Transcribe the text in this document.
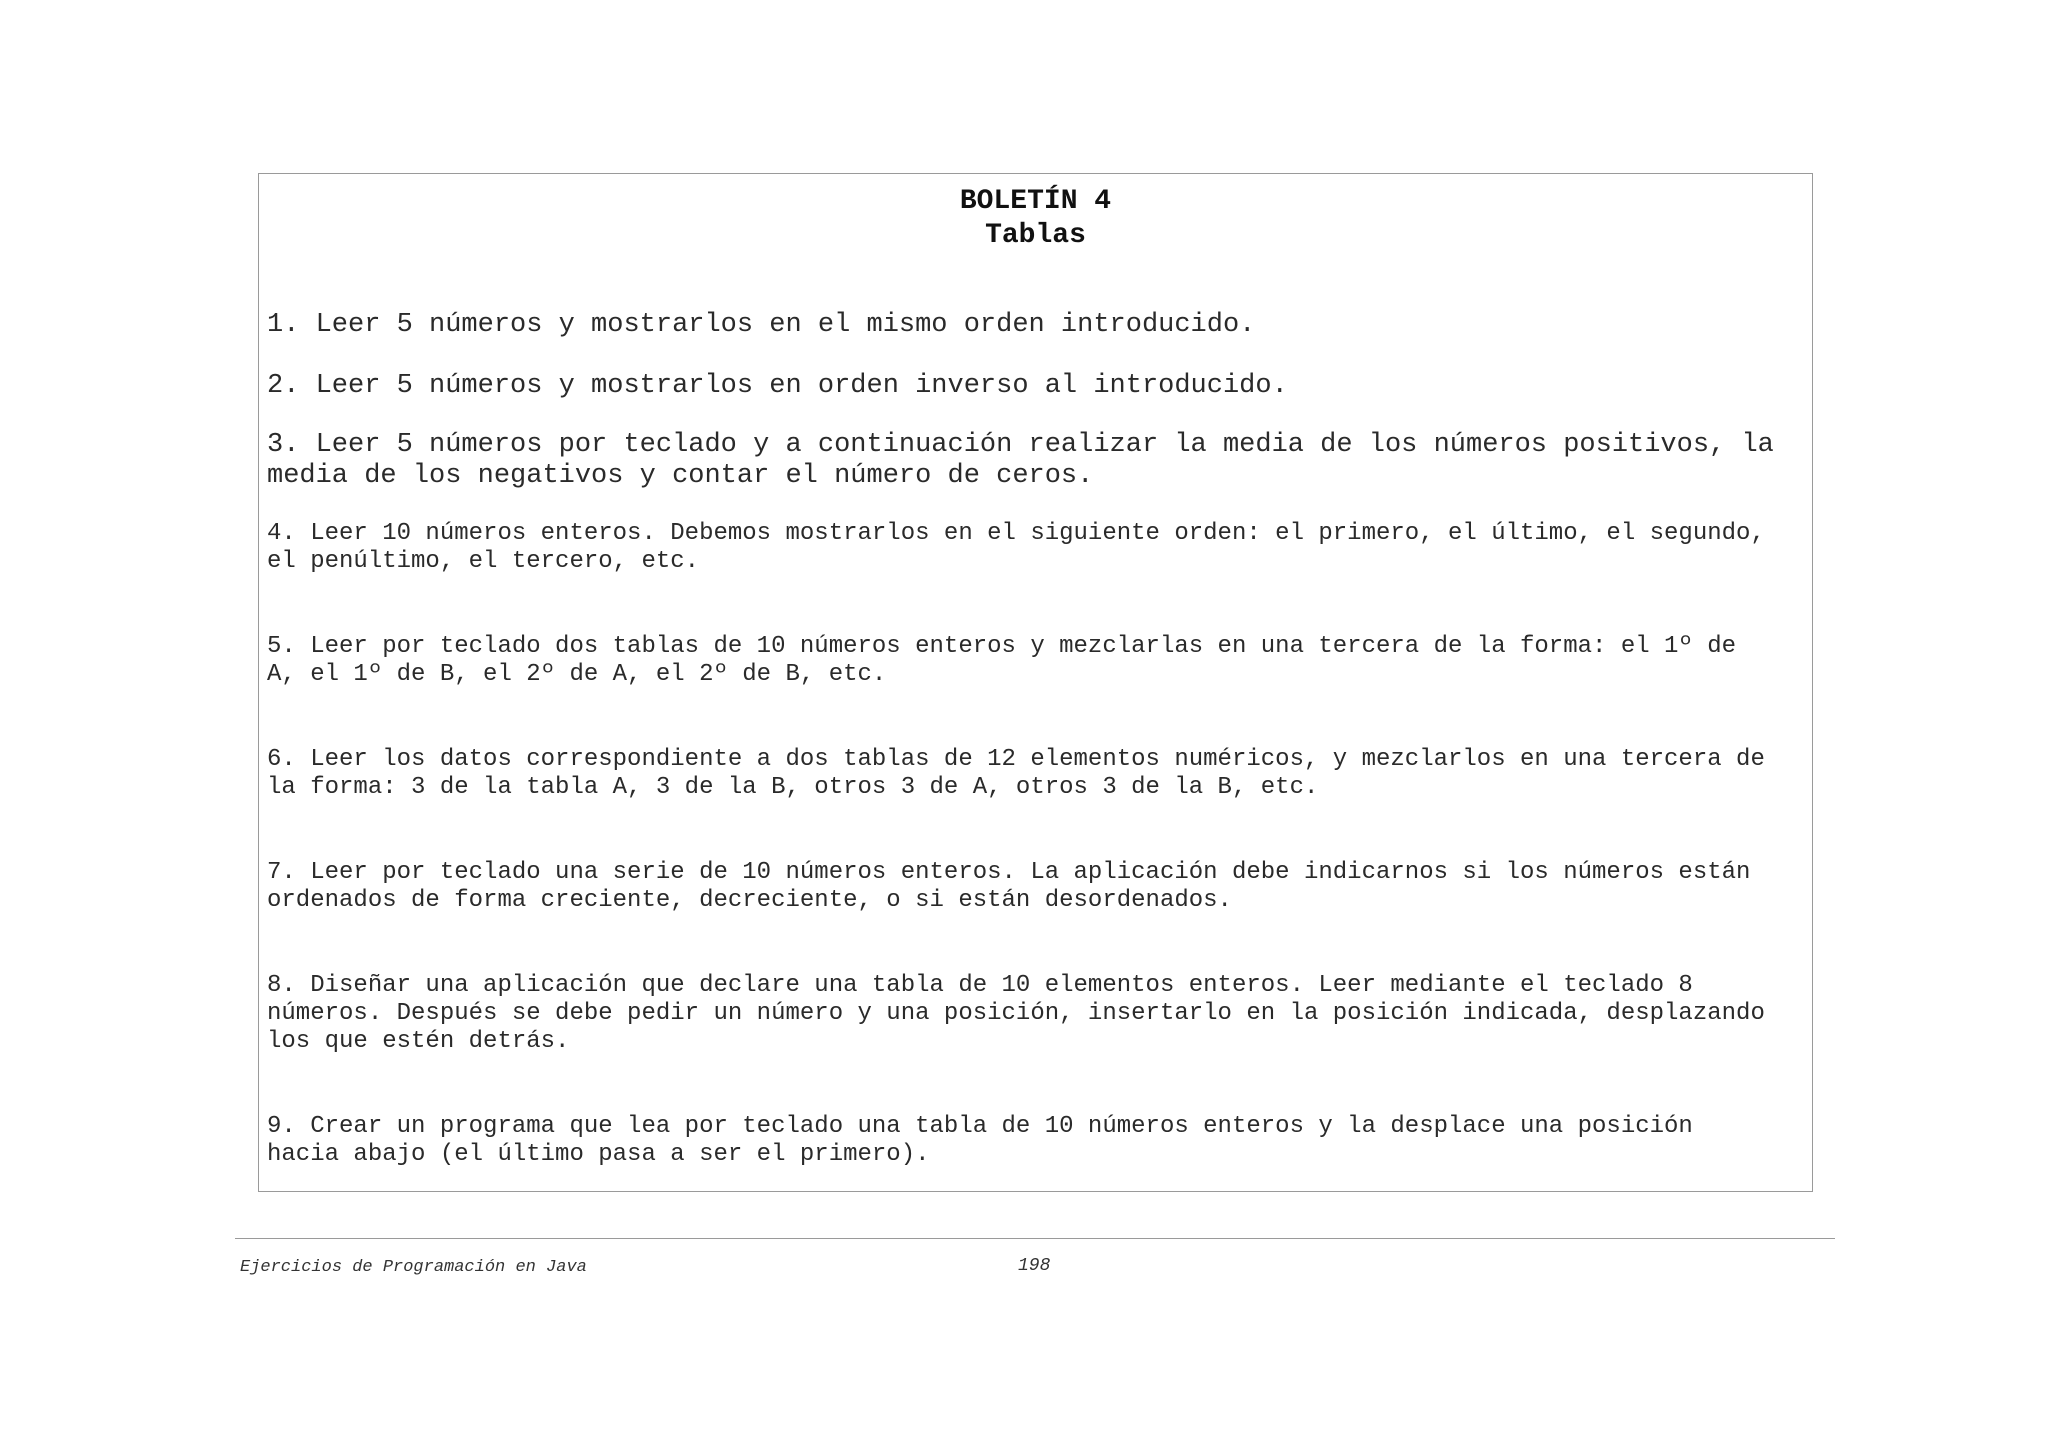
BOLETÍN 4
Tablas
1. Leer 5 números y mostrarlos en el mismo orden introducido.
2. Leer 5 números y mostrarlos en orden inverso al introducido.
3. Leer 5 números por teclado y a continuación realizar la media de los números positivos, la
media de los negativos y contar el número de ceros.
4. Leer 10 números enteros. Debemos mostrarlos en el siguiente orden: el primero, el último, el segundo,
el penúltimo, el tercero, etc.
5. Leer por teclado dos tablas de 10 números enteros y mezclarlas en una tercera de la forma: el 1º de
A, el 1º de B, el 2º de A, el 2º de B, etc.
6. Leer los datos correspondiente a dos tablas de 12 elementos numéricos, y mezclarlos en una tercera de
la forma: 3 de la tabla A, 3 de la B, otros 3 de A, otros 3 de la B, etc.
7. Leer por teclado una serie de 10 números enteros. La aplicación debe indicarnos si los números están
ordenados de forma creciente, decreciente, o si están desordenados.
8. Diseñar una aplicación que declare una tabla de 10 elementos enteros. Leer mediante el teclado 8
números. Después se debe pedir un número y una posición, insertarlo en la posición indicada, desplazando
los que estén detrás.
9. Crear un programa que lea por teclado una tabla de 10 números enteros y la desplace una posición
hacia abajo (el último pasa a ser el primero).
Ejercicios de Programación en Java	198
